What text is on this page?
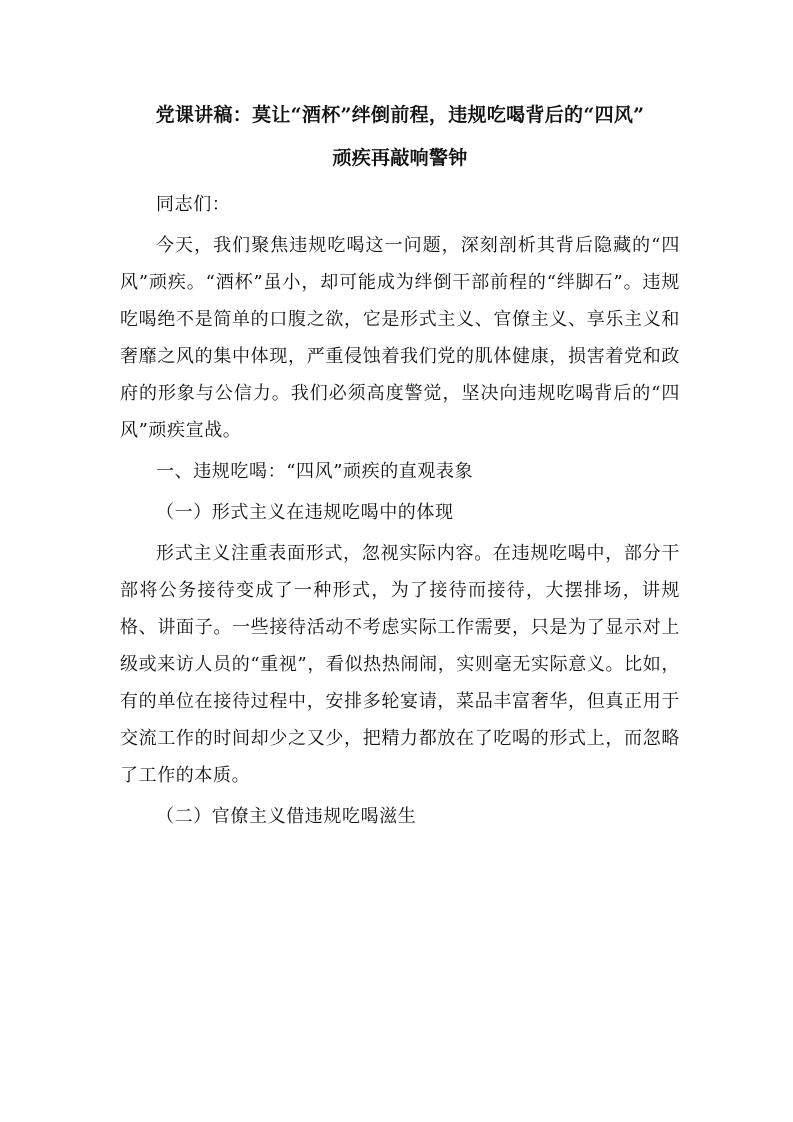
党课讲稿：莫让“酒杯”绊倒前程，违规吃喝背后的“四风”
顽疾再敲响警钟

同志们：

今天，我们聚焦违规吃喝这一问题，深刻剖析其背后隐藏的“四风”顽疾。“酒杯”虽小，却可能成为绊倒干部前程的“绊脚石”。违规吃喝绝不是简单的口腹之欲，它是形式主义、官僚主义、享乐主义和奢靡之风的集中体现，严重侵蚀着我们党的肌体健康，损害着党和政府的形象与公信力。我们必须高度警觉，坚决向违规吃喝背后的“四风”顽疾宣战。

一、违规吃喝：“四风”顽疾的直观表象

（一）形式主义在违规吃喝中的体现

形式主义注重表面形式，忽视实际内容。在违规吃喝中，部分干部将公务接待变成了一种形式，为了接待而接待，大摆排场，讲规格、讲面子。一些接待活动不考虑实际工作需要，只是为了显示对上级或来访人员的“重视”，看似热热闹闹，实则毫无实际意义。比如，有的单位在接待过程中，安排多轮宴请，菜品丰富奢华，但真正用于交流工作的时间却少之又少，把精力都放在了吃喝的形式上，而忽略了工作的本质。

（二）官僚主义借违规吃喝滋生
